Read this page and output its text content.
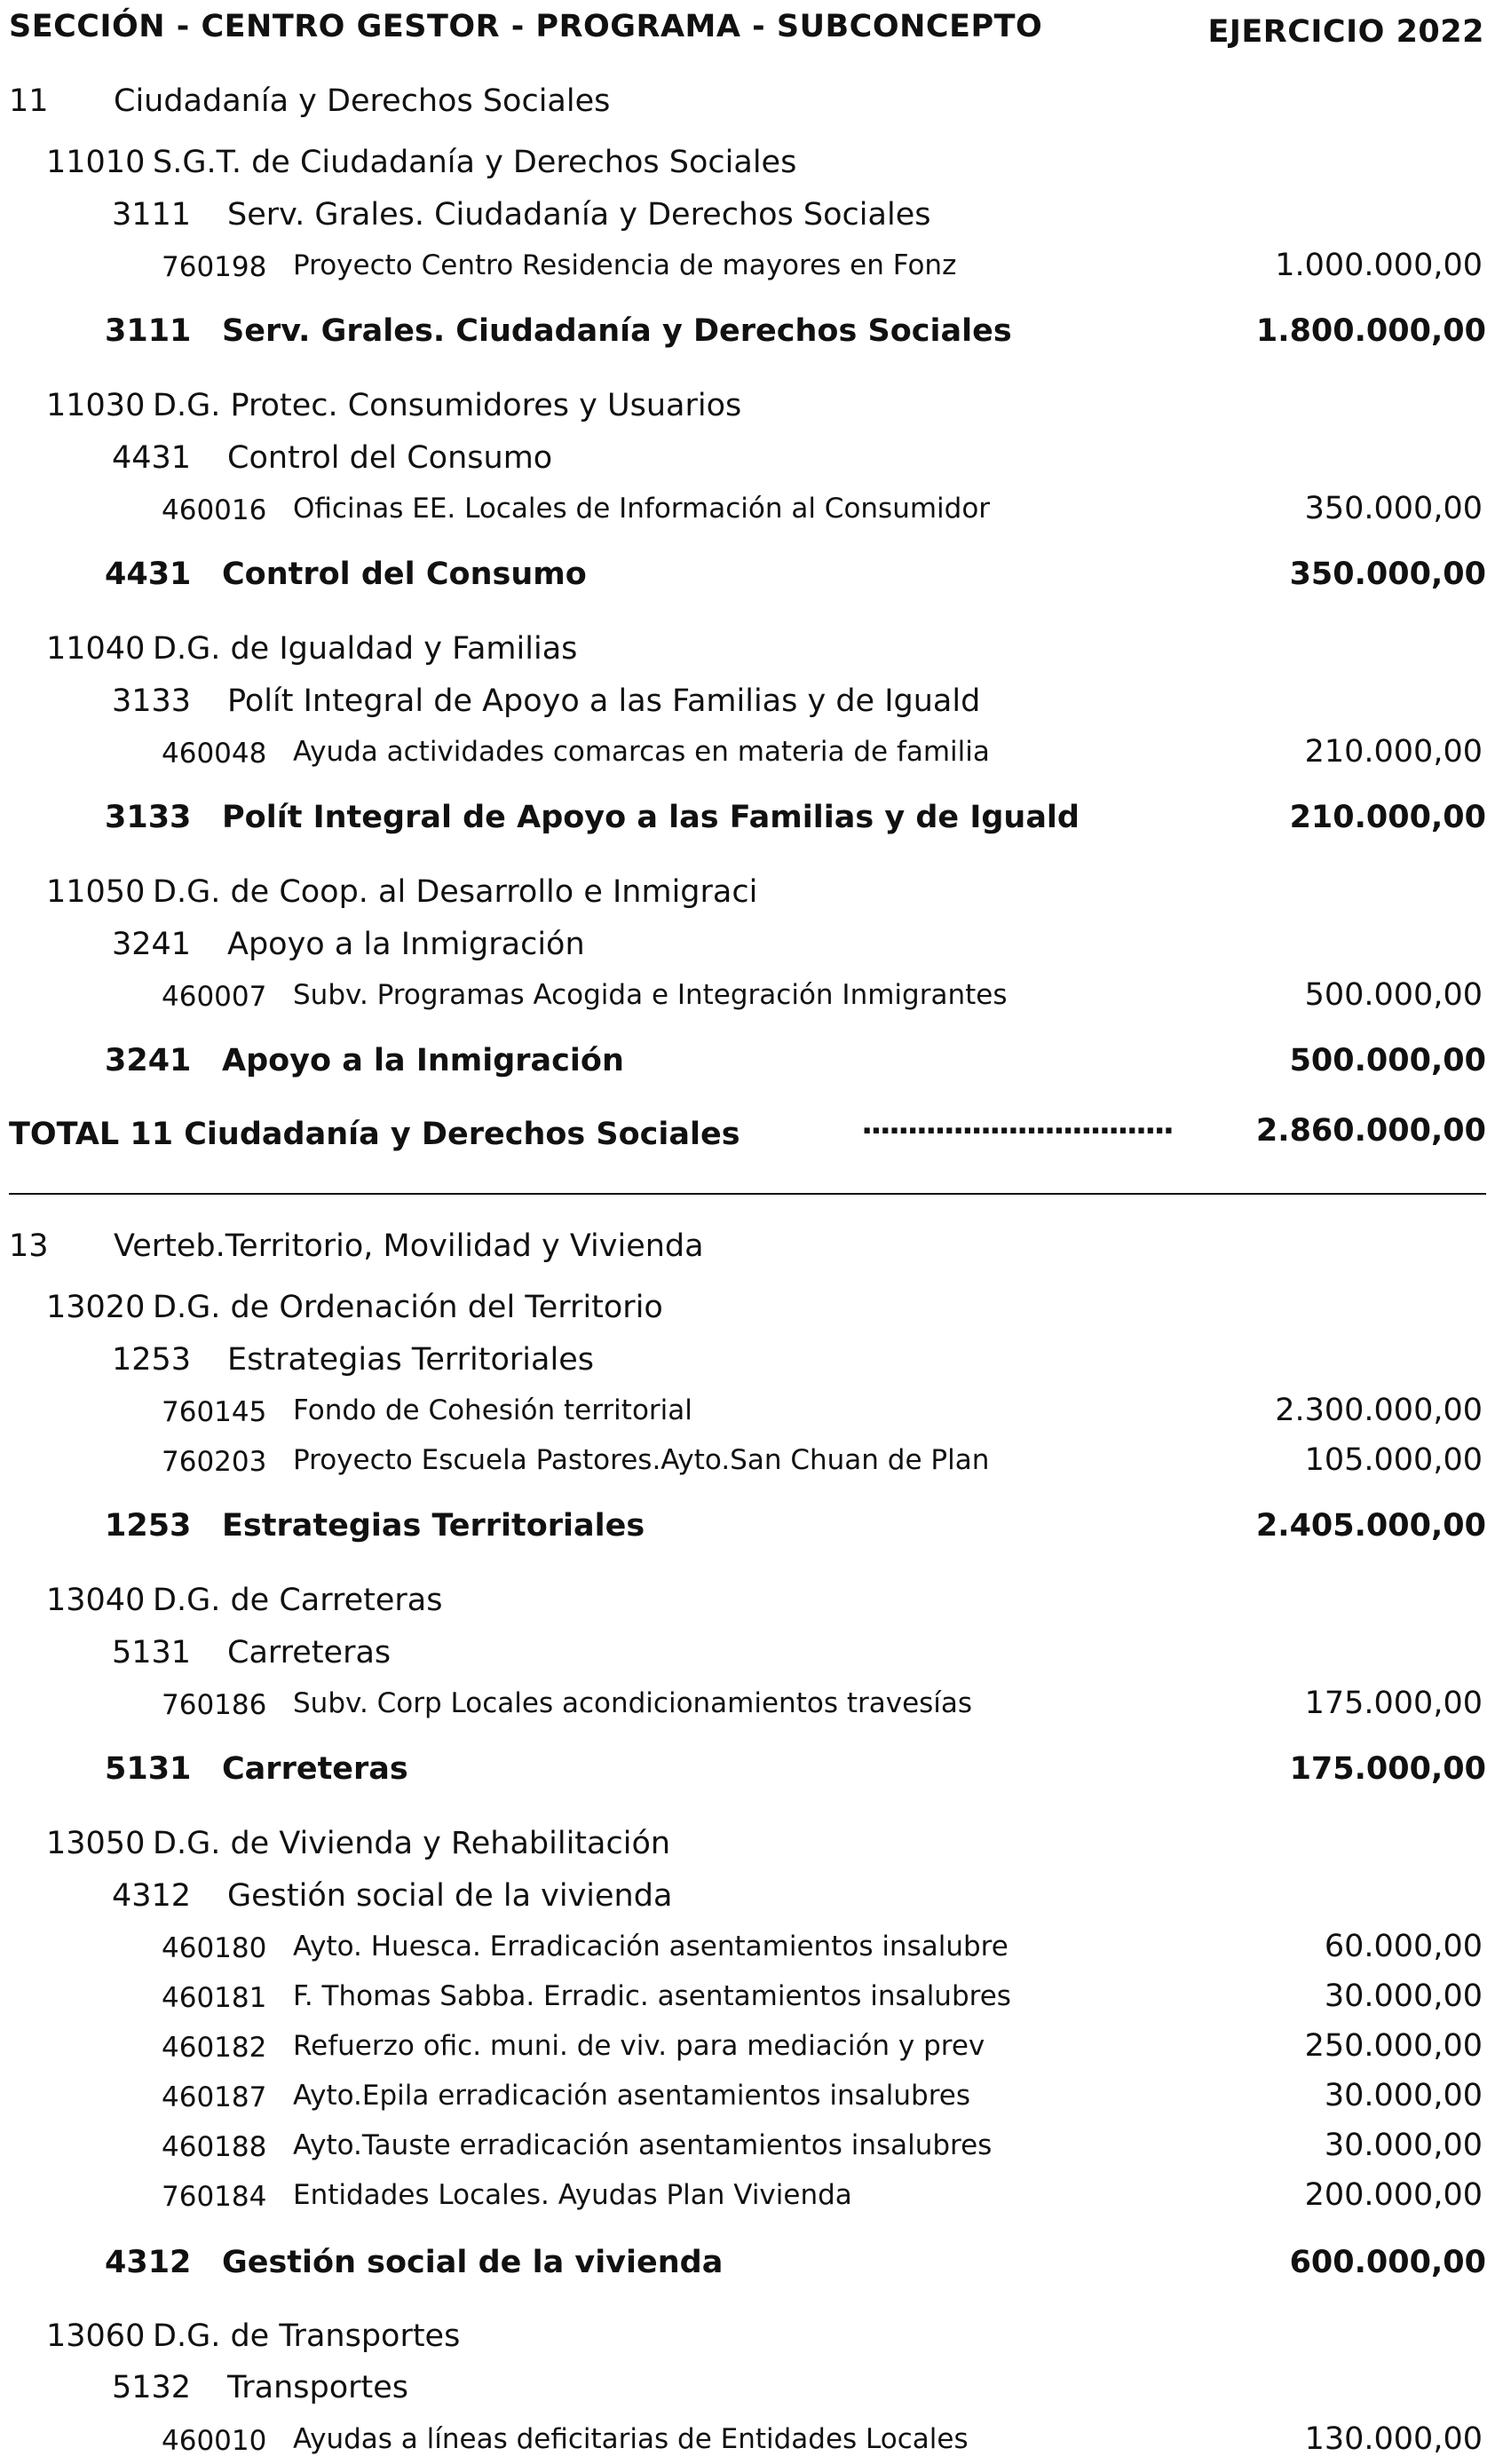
SECCIÓN - CENTRO GESTOR - PROGRAMA - SUBCONCEPTO	EJERCICIO 2022
11 Ciudadanía y Derechos Sociales
11010 S.G.T. de Ciudadanía y Derechos Sociales
3111 Serv. Grales. Ciudadanía y Derechos Sociales
760198 Proyecto Centro Residencia de mayores en Fonz	1.000.000,00
3111 Serv. Grales. Ciudadanía y Derechos Sociales	1.800.000,00
11030 D.G. Protec. Consumidores y Usuarios
4431 Control del Consumo
460016 Oficinas EE. Locales de Información al Consumidor	350.000,00
4431 Control del Consumo	350.000,00
11040 D.G. de Igualdad y Familias
3133 Polít Integral de Apoyo a las Familias y de Iguald
460048 Ayuda actividades comarcas en materia de familia	210.000,00
3133 Polít Integral de Apoyo a las Familias y de Iguald	210.000,00
11050 D.G. de Coop. al Desarrollo e Inmigraci
3241 Apoyo a la Inmigración
460007 Subv. Programas Acogida e Integración Inmigrantes	500.000,00
3241 Apoyo a la Inmigración	500.000,00
TOTAL 11 Ciudadanía y Derechos Sociales	..................................	2.860.000,00
13 Verteb.Territorio, Movilidad y Vivienda
13020 D.G. de Ordenación del Territorio
1253 Estrategias Territoriales
760145 Fondo de Cohesión territorial	2.300.000,00
760203 Proyecto Escuela Pastores.Ayto.San Chuan de Plan	105.000,00
1253 Estrategias Territoriales	2.405.000,00
13040 D.G. de Carreteras
5131 Carreteras
760186 Subv. Corp Locales acondicionamientos travesías	175.000,00
5131 Carreteras	175.000,00
13050 D.G. de Vivienda y Rehabilitación
4312 Gestión social de la vivienda
460180 Ayto. Huesca. Erradicación asentamientos insalubre	60.000,00
460181 F. Thomas Sabba. Erradic. asentamientos insalubres	30.000,00
460182 Refuerzo ofic. muni. de viv. para mediación y prev	250.000,00
460187 Ayto.Epila erradicación asentamientos insalubres	30.000,00
460188 Ayto.Tauste erradicación asentamientos insalubres	30.000,00
760184 Entidades Locales. Ayudas Plan Vivienda	200.000,00
4312 Gestión social de la vivienda	600.000,00
13060 D.G. de Transportes
5132 Transportes
460010 Ayudas a líneas deficitarias de Entidades Locales	130.000,00
